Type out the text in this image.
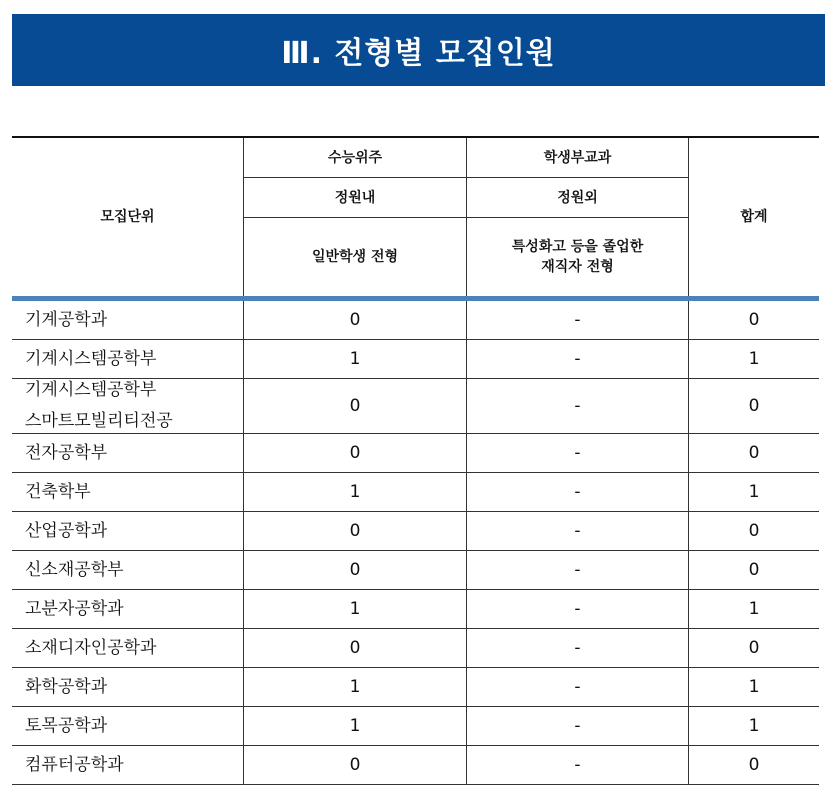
Ⅲ. 전형별 모집인원
모집단위
수능위주	학생부교과
정원내	정원외
일반학생 전형
특성화고 등을 졸업한
재직자 전형
합계
기계공학과	0	-	0
기계시스템공학부	1	-	1
기계시스템공학부
스마트모빌리티전공
0	-	0
전자공학부	0	-	0
건축학부	1	-	1
산업공학과	0	-	0
신소재공학부	0	-	0
고분자공학과	1	-	1
소재디자인공학과	0	-	0
화학공학과	1	-	1
토목공학과	1	-	1
컴퓨터공학과	0	-	0
